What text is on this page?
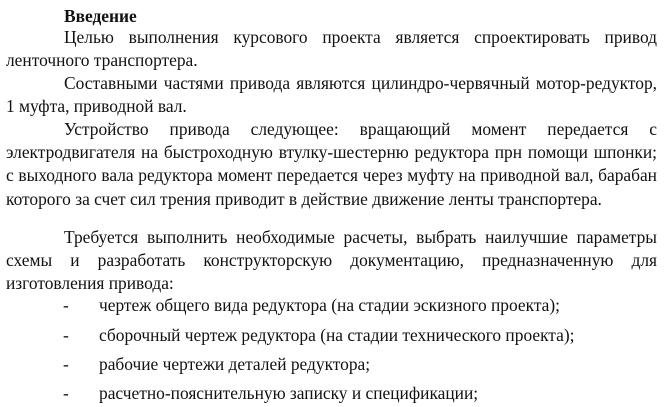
Введение

Целью выполнения курсового проекта является спроектировать привод ленточного транспортера.

Составными частями привода являются цилиндро-червячный мотор-редуктор, 1 муфта, приводной вал.

Устройство привода следующее: вращающий момент передается с электродвигателя на быстроходную втулку-шестерню редуктора прн помощи шпонки; с выходного вала редуктора момент передается через муфту на приводной вал, барабан которого за счет сил трения приводит в действие движение ленты транспортера.

Требуется выполнить необходимые расчеты, выбрать наилучшие параметры схемы и разработать конструкторскую документацию, предназначенную для изготовления привода:

- чертеж общего вида редуктора (на стадии эскизного проекта);
- сборочный чертеж редуктора (на стадии технического проекта);
- рабочие чертежи деталей редуктора;
- расчетно-пояснительную записку и спецификации;
